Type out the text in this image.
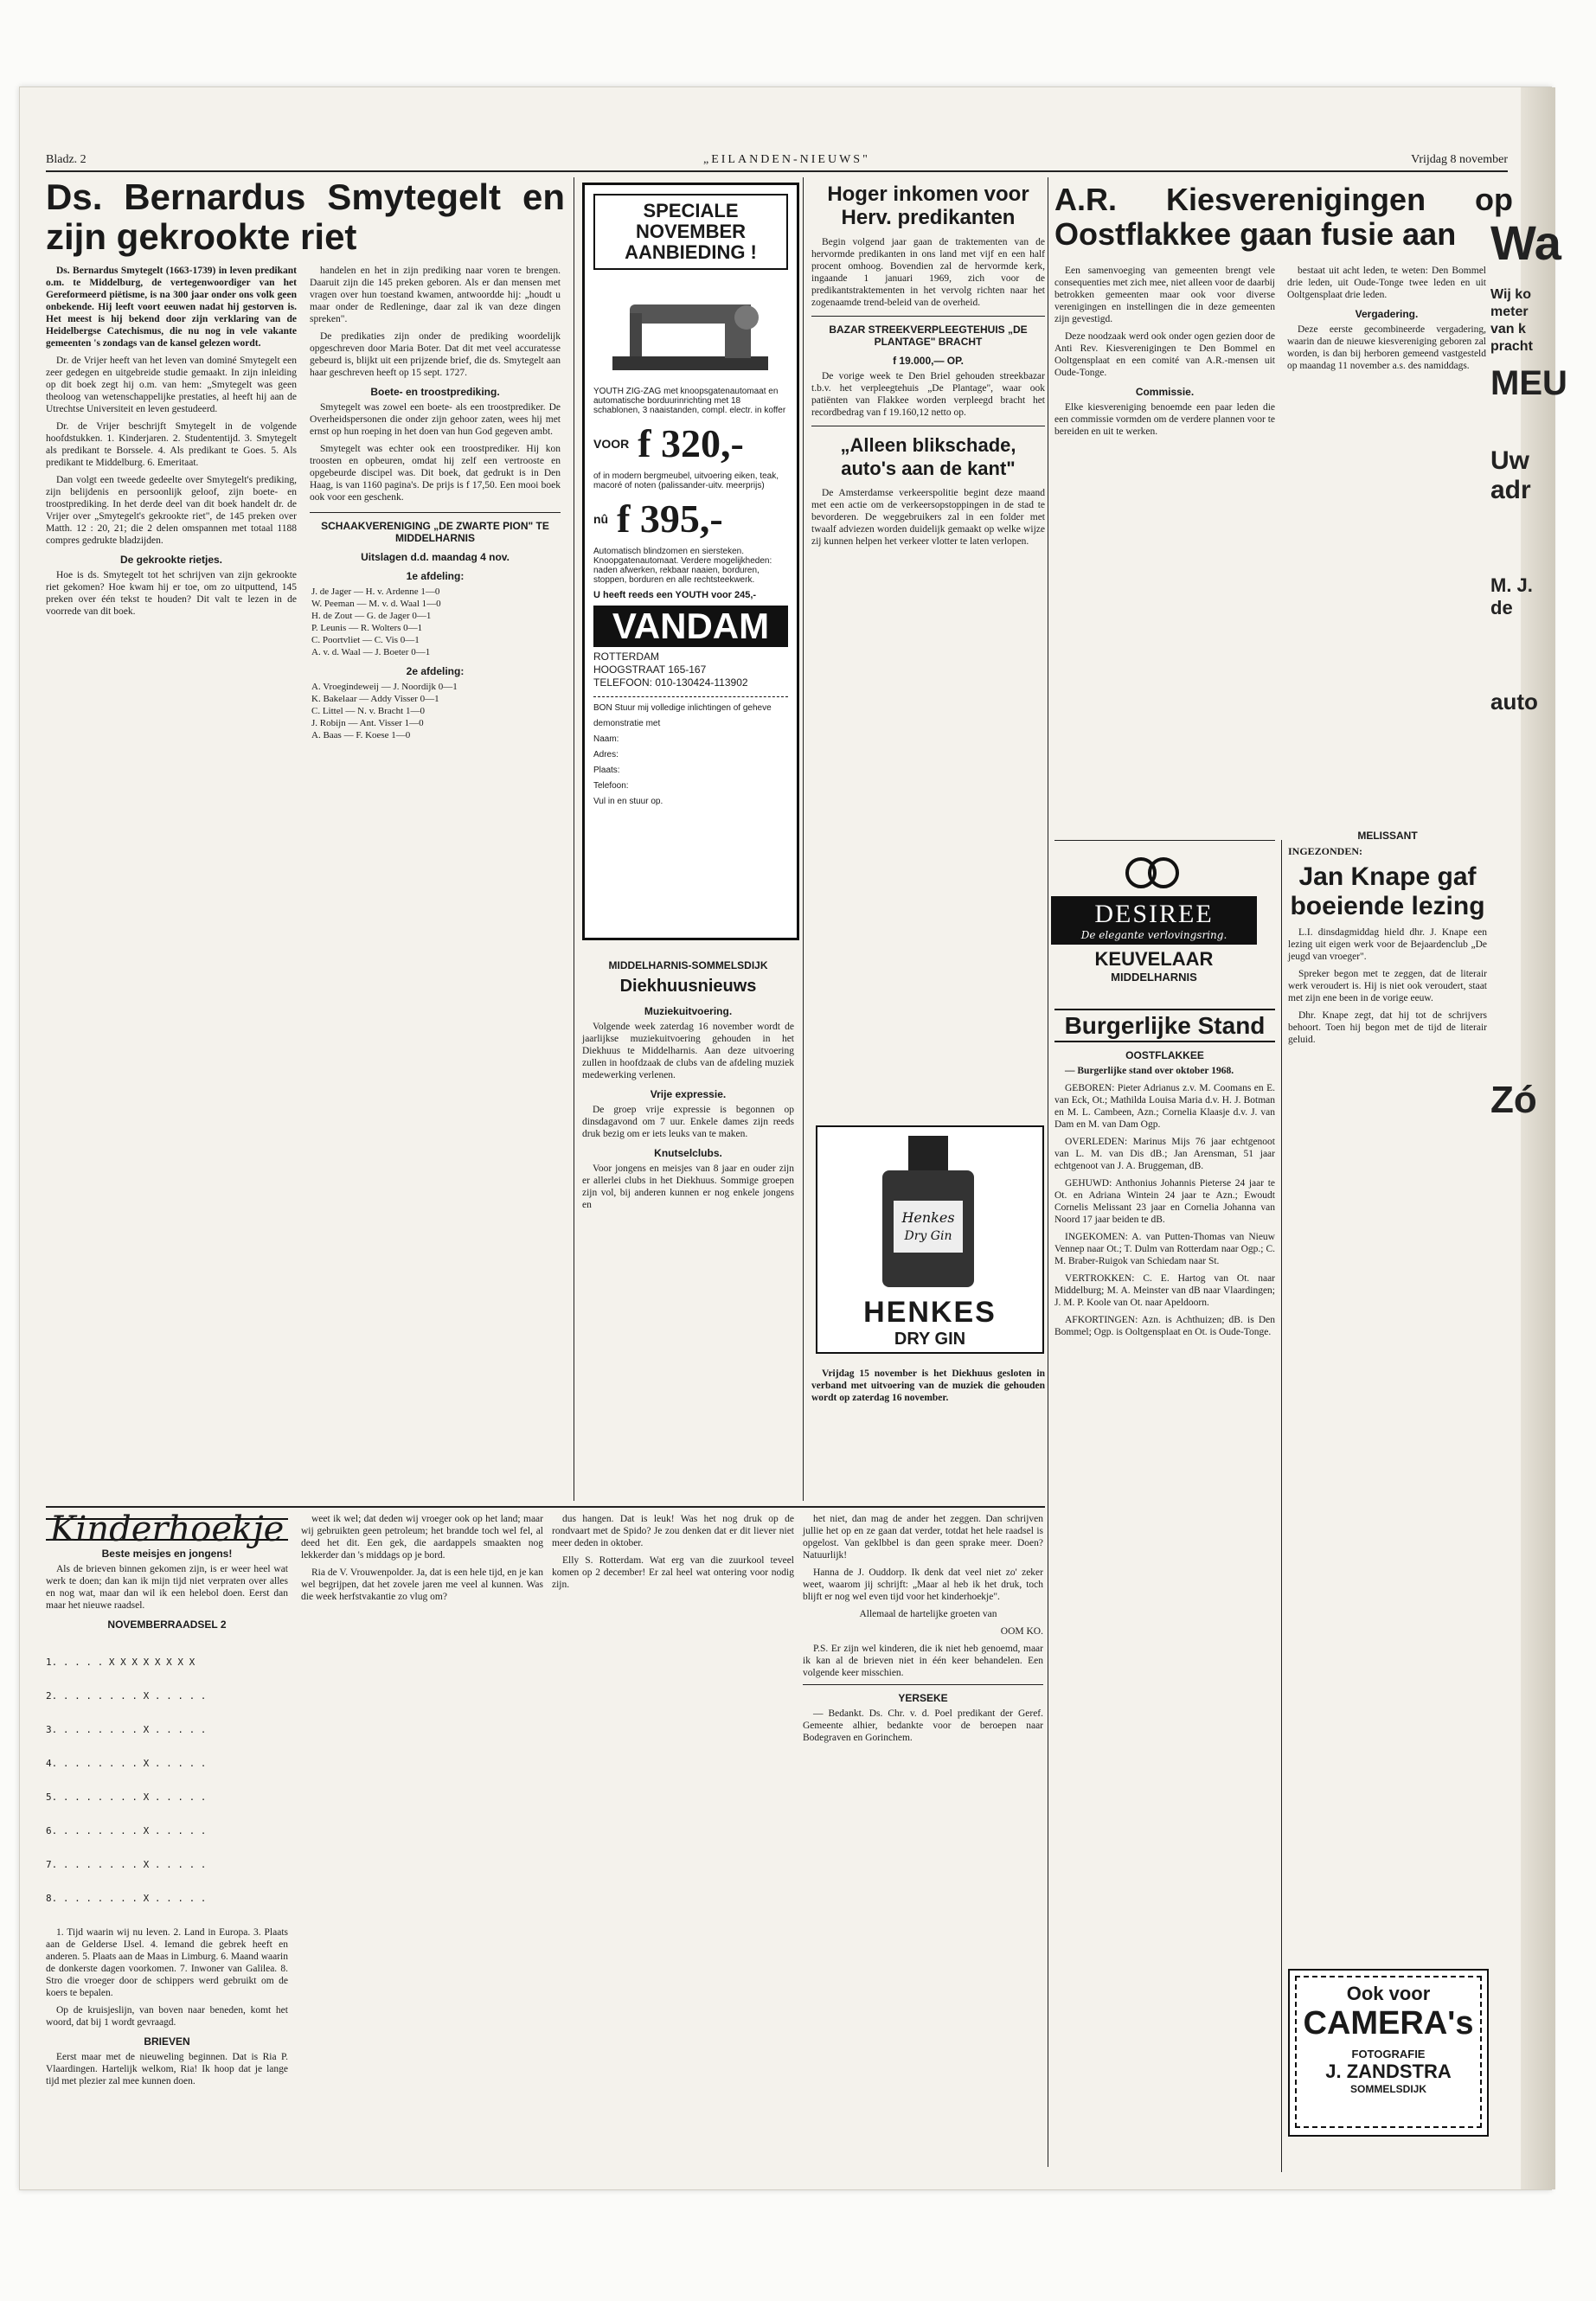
Bladz. 2	„EILANDEN-NIEUWS"	Vrijdag 8 november
Ds. Bernardus Smytegelt en zijn gekrookte riet

Ds. Bernardus Smytegelt (1663-1739) in leven predikant o.m. te Middelburg, de vertegenwoordiger van het Gereformeerd piëtisme, is na 300 jaar onder ons volk geen onbekende. Hij leeft voort eeuwen nadat hij gestorven is. Het meest is hij bekend door zijn verklaring van de Heidelbergse Catechismus, die nu nog in vele vakante gemeenten 's zondags van de kansel gelezen wordt.

Dr. de Vrijer heeft van het leven van dominé Smytegelt een zeer gedegen en uitgebreide studie gemaakt. In zijn inleiding op dit boek zegt hij o.m. van hem: „Smytegelt was geen theoloog van wetenschappelijke prestaties, al heeft hij aan de Utrechtse Universiteit en leven gestudeerd.

Dr. de Vrijer beschrijft Smytegelt in de volgende hoofdstukken. 1. Kinderjaren. 2. Studententijd. 3. Smytegelt als predikant te Borssele. 4. Als predikant te Goes. 5. Als predikant te Middelburg. 6. Emeritaat.

Dan volgt een tweede gedeelte over Smytegelt's prediking, zijn belijdenis en persoonlijk geloof, zijn boete- en troostprediking. In het derde deel van dit boek handelt dr. de Vrijer over „Smytegelt's gekrookte riet", de 145 preken over Matth. 12 : 20, 21; die 2 delen omspannen met totaal 1188 compres gedrukte bladzijden.

De gekrookte rietjes.

Hoe is ds. Smytegelt tot het schrijven van zijn gekrookte riet gekomen? Hoe kwam hij er toe, om zo uitputtend, 145 preken over één tekst te houden? Dit valt te lezen in de voorrede van dit boek.

handelen en het in zijn prediking naar voren te brengen. Daaruit zijn die 145 preken geboren. Als er dan mensen met vragen over hun toestand kwamen, antwoordde hij: „houdt u maar onder de Redleninge, daar zal ik van deze dingen spreken".

De predikaties zijn onder de prediking woordelijk opgeschreven door Maria Boter. Dat dit met veel accuratesse gebeurd is, blijkt uit een prijzende brief, die ds. Smytegelt aan haar geschreven heeft op 15 sept. 1727.

Boete- en troostprediking.

Smytegelt was zowel een boete- als een troostprediker. De Overheidspersonen die onder zijn gehoor zaten, wees hij met ernst op hun roeping in het doen van hun God gegeven ambt.

Smytegelt was echter ook een troostprediker. Hij kon troosten en opbeuren, omdat hij zelf een vertrooste en opgebeurde discipel was. Dit boek, dat gedrukt is in Den Haag, is van 1160 pagina's. De prijs is f 17,50. Een mooi boek ook voor een geschenk.

SCHAAKVERENIGING „DE ZWARTE PION" TE MIDDELHARNIS
Uitslagen d.d. maandag 4 nov.
1e afdeling:
J. de Jager — H. v. Ardenne 1—0
W. Peeman — M. v. d. Waal 1—0
H. de Zout — G. de Jager 0—1
P. Leunis — R. Wolters 0—1
C. Poortvliet — C. Vis 0—1
A. v. d. Waal — J. Boeter 0—1
2e afdeling:
A. Vroegindeweij — J. Noordijk 0—1
K. Bakelaar — Addy Visser 0—1
C. Littel — N. v. Bracht 1—0
J. Robijn — Ant. Visser 1—0
A. Baas — F. Koese 1—0
SPECIALE NOVEMBER AANBIEDING !
YOUTH ZIG-ZAG met knoopsgatenautomaat en automatische borduurinrichting met 18 schablonen, 3 naaistanden, compl. electr. in koffer
VOOR f 320,-
of in modern bergmeubel, uitvoering eiken, teak, macoré of noten (palissander-uitv. meerprijs)
nû f 395,-
Automatisch blindzomen en siersteken. Knoopgatenautomaat. Verdere mogelijkheden: naden afwerken, rekbaar naaien, borduren, stoppen, borduren en alle rechtsteekwerk.
U heeft reeds een YOUTH voor 245,-
VANDAM
ROTTERDAM
HOOGSTRAAT 165-167
TELEFOON: 010-130424-113902
BON Stuur mij volledige inlichtingen of geheve demonstratie met
Naam:
Adres:
Plaats:
Telefoon:
Vul in en stuur op.
MIDDELHARNIS-SOMMELSDIJK
Diekhuusnieuws
Muziekuitvoering.

Volgende week zaterdag 16 november wordt de jaarlijkse muziekuitvoering gehouden in het Diekhuus te Middelharnis. Aan deze uitvoering zullen in hoofdzaak de clubs van de afdeling muziek medewerking verlenen.

Vrije expressie.

De groep vrije expressie is begonnen op dinsdagavond om 7 uur. Enkele dames zijn reeds druk bezig om er iets leuks van te maken.

Knutselclubs.

Voor jongens en meisjes van 8 jaar en ouder zijn er allerlei clubs in het Diekhuus. Sommige groepen zijn vol, bij anderen kunnen er nog enkele jongens en

Hoger inkomen voor Herv. predikanten

Begin volgend jaar gaan de traktementen van de hervormde predikanten in ons land met vijf en een half procent omhoog. Bovendien zal de hervormde kerk, ingaande 1 januari 1969, zich voor de predikantstraktementen in het vervolg richten naar het zogenaamde trend-beleid van de overheid.

BAZAR STREEKVERPLEEGTEHUIS „DE PLANTAGE" BRACHT
f 19.000,— OP.

De vorige week te Den Briel gehouden streekbazar t.b.v. het verpleegtehuis „De Plantage", waar ook patiënten van Flakkee worden verpleegd bracht het recordbedrag van f 19.160,12 netto op.

„Alleen blikschade, auto's aan de kant"

De Amsterdamse verkeerspolitie begint deze maand met een actie om de verkeersopstoppingen in de stad te bevorderen. De weggebruikers zal in een folder met twaalf adviezen worden duidelijk gemaakt op welke wijze zij kunnen helpen het verkeer vlotter te laten verlopen.

Henkes
Dry Gin
HENKES
DRY GIN

Vrijdag 15 november is het Diekhuus gesloten in verband met uitvoering van de muziek die gehouden wordt op zaterdag 16 november.

A.R. Kiesverenigingen op Oostflakkee gaan fusie aan

Een samenvoeging van gemeenten brengt vele consequenties met zich mee, niet alleen voor de daarbij betrokken gemeenten maar ook voor diverse verenigingen en instellingen die in deze gemeenten zijn gevestigd.

Deze noodzaak werd ook onder ogen gezien door de Anti Rev. Kiesverenigingen te Den Bommel en Ooltgensplaat en een comité van A.R.-mensen uit Oude-Tonge.

Commissie.

Elke kiesvereniging benoemde een paar leden die een commissie vormden om de verdere plannen voor te bereiden en uit te werken.

bestaat uit acht leden, te weten: Den Bommel drie leden, uit Oude-Tonge twee leden en uit Ooltgensplaat drie leden.

Vergadering.

Deze eerste gecombineerde vergadering, waarin dan de nieuwe kiesvereniging geboren zal worden, is dan bij herboren gemeend vastgesteld op maandag 11 november a.s. des namiddags.

DESIREE
De elegante verlovingsring.
KEUVELAAR
MIDDELHARNIS
Burgerlijke Stand
OOSTFLAKKEE

— Burgerlijke stand over oktober 1968.

GEBOREN: Pieter Adrianus z.v. M. Coomans en E. van Eck, Ot.; Mathilda Louisa Maria d.v. H. J. Botman en M. L. Cambeen, Azn.; Cornelia Klaasje d.v. J. van Dam en M. van Dam Ogp.

OVERLEDEN: Marinus Mijs 76 jaar echtgenoot van L. M. van Dis dB.; Jan Arensman, 51 jaar echtgenoot van J. A. Bruggeman, dB.

GEHUWD: Anthonius Johannis Pieterse 24 jaar te Ot. en Adriana Wintein 24 jaar te Azn.; Ewoudt Cornelis Melissant 23 jaar en Cornelia Johanna van Noord 17 jaar beiden te dB.

INGEKOMEN: A. van Putten-Thomas van Nieuw Vennep naar Ot.; T. Dulm van Rotterdam naar Ogp.; C. M. Braber-Ruigok van Schiedam naar St.

VERTROKKEN: C. E. Hartog van Ot. naar Middelburg; M. A. Meinster van dB naar Vlaardingen; J. M. P. Koole van Ot. naar Apeldoorn.

AFKORTINGEN: Azn. is Achthuizen; dB. is Den Bommel; Ogp. is Ooltgensplaat en Ot. is Oude-Tonge.

MELISSANT
INGEZONDEN:
Jan Knape gaf boeiende lezing

L.I. dinsdagmiddag hield dhr. J. Knape een lezing uit eigen werk voor de Bejaardenclub „De jeugd van vroeger".

Spreker begon met te zeggen, dat de literair werk veroudert is. Hij is niet ook veroudert, staat met zijn ene been in de vorige eeuw.

Dhr. Knape zegt, dat hij tot de schrijvers behoort. Toen hij begon met de tijd de literair geluid.

Ook voor
CAMERA's
FOTOGRAFIE
J. ZANDSTRA
SOMMELSDIJK
Kinderhoekje
Beste meisjes en jongens!

Als de brieven binnen gekomen zijn, is er weer heel wat werk te doen; dan kan ik mijn tijd niet verpraten over alles en nog wat, maar dan wil ik een helebol doen. Eerst dan maar het nieuwe raadsel.

NOVEMBERRAADSEL 2

1. . . . . X X X X X X X X

2. . . . . . . . X . . . . .

3. . . . . . . . X . . . . .

4. . . . . . . . X . . . . .

5. . . . . . . . X . . . . .

6. . . . . . . . X . . . . .

7. . . . . . . . X . . . . .

8. . . . . . . . X . . . . .

1. Tijd waarin wij nu leven. 2. Land in Europa. 3. Plaats aan de Gelderse IJsel. 4. Iemand die gebrek heeft en anderen. 5. Plaats aan de Maas in Limburg. 6. Maand waarin de donkerste dagen voorkomen. 7. Inwoner van Galilea. 8. Stro die vroeger door de schippers werd gebruikt om de koers te bepalen.

Op de kruisjeslijn, van boven naar beneden, komt het woord, dat bij 1 wordt gevraagd.

BRIEVEN

Eerst maar met de nieuweling beginnen. Dat is Ria P. Vlaardingen. Hartelijk welkom, Ria! Ik hoop dat je lange tijd met plezier zal mee kunnen doen.

weet ik wel; dat deden wij vroeger ook op het land; maar wij gebruikten geen petroleum; het brandde toch wel fel, al deed het dit. Een gek, die aardappels smaakten nog lekkerder dan 's middags op je bord.

Ria de V. Vrouwenpolder. Ja, dat is een hele tijd, en je kan wel begrijpen, dat het zovele jaren me veel al kunnen. Was die week herfstvakantie zo vlug om?

dus hangen. Dat is leuk! Was het nog druk op de rondvaart met de Spido? Je zou denken dat er dit liever niet meer deden in oktober.

Elly S. Rotterdam. Wat erg van die zuurkool teveel komen op 2 december! Er zal heel wat ontering voor nodig zijn.

het niet, dan mag de ander het zeggen. Dan schrijven jullie het op en ze gaan dat verder, totdat het hele raadsel is opgelost. Van geklbbel is dan geen sprake meer. Doen? Natuurlijk!

Hanna de J. Ouddorp. Ik denk dat veel niet zo' zeker weet, waarom jij schrijft: „Maar al heb ik het druk, toch blijft er nog wel even tijd voor het kinderhoekje".

Allemaal de hartelijke groeten van

OOM KO.

P.S. Er zijn wel kinderen, die ik niet heb genoemd, maar ik kan al de brieven niet in één keer behandelen. Een volgende keer misschien.

YERSEKE

— Bedankt. Ds. Chr. v. d. Poel predikant der Geref. Gemeente alhier, bedankte voor de beroepen naar Bodegraven en Gorinchem.

Wa
Wij ko meter van k pracht
MEU
Uw adr
M. J. de
auto
Zó
